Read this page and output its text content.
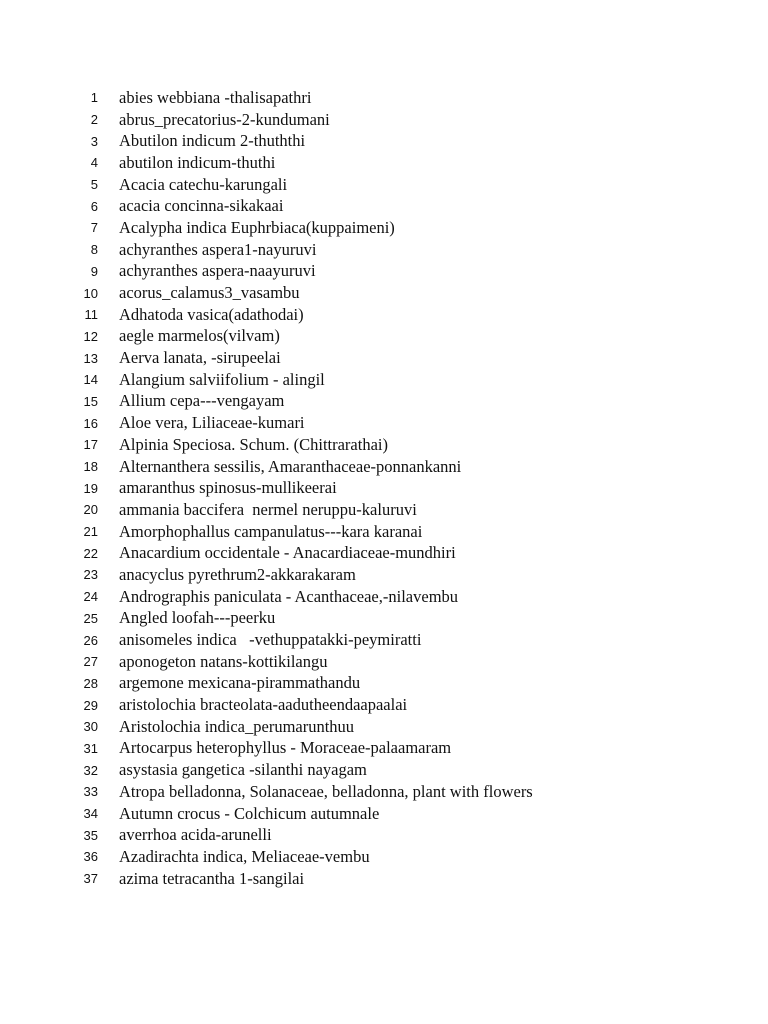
1	abies webbiana -thalisapathri
2	abrus_precatorius-2-kundumani
3	Abutilon indicum 2-thuththi
4	abutilon indicum-thuthi
5	Acacia catechu-karungali
6	acacia concinna-sikakaai
7	Acalypha indica Euphrbiaca(kuppaimeni)
8	achyranthes aspera1-nayuruvi
9	achyranthes aspera-naayuruvi
10	acorus_calamus3_vasambu
11	Adhatoda vasica(adathodai)
12	aegle marmelos(vilvam)
13	Aerva lanata, -sirupeelai
14	Alangium salviifolium - alingil
15	Allium cepa---vengayam
16	Aloe vera, Liliaceae-kumari
17	Alpinia Speciosa. Schum. (Chittrarathai)
18	Alternanthera sessilis, Amaranthaceae-ponnankanni
19	amaranthus spinosus-mullikeerai
20	ammania baccifera  nermel neruppu-kaluruvi
21	Amorphophallus campanulatus---kara karanai
22	Anacardium occidentale - Anacardiaceae-mundhiri
23	anacyclus pyrethrum2-akkarakaram
24	Andrographis paniculata - Acanthaceae,-nilavembu
25	Angled loofah---peerku
26	anisomeles indica   -vethuppatakki-peymiratti
27	aponogeton natans-kottikilangu
28	argemone mexicana-pirammathandu
29	aristolochia bracteolata-aadutheendaapaalai
30	Aristolochia indica_perumarunthuu
31	Artocarpus heterophyllus - Moraceae-palaamaram
32	asystasia gangetica -silanthi nayagam
33	Atropa belladonna, Solanaceae, belladonna, plant with flowers
34	Autumn crocus - Colchicum autumnale
35	averrhoa acida-arunelli
36	Azadirachta indica, Meliaceae-vembu
37	azima tetracantha 1-sangilai
